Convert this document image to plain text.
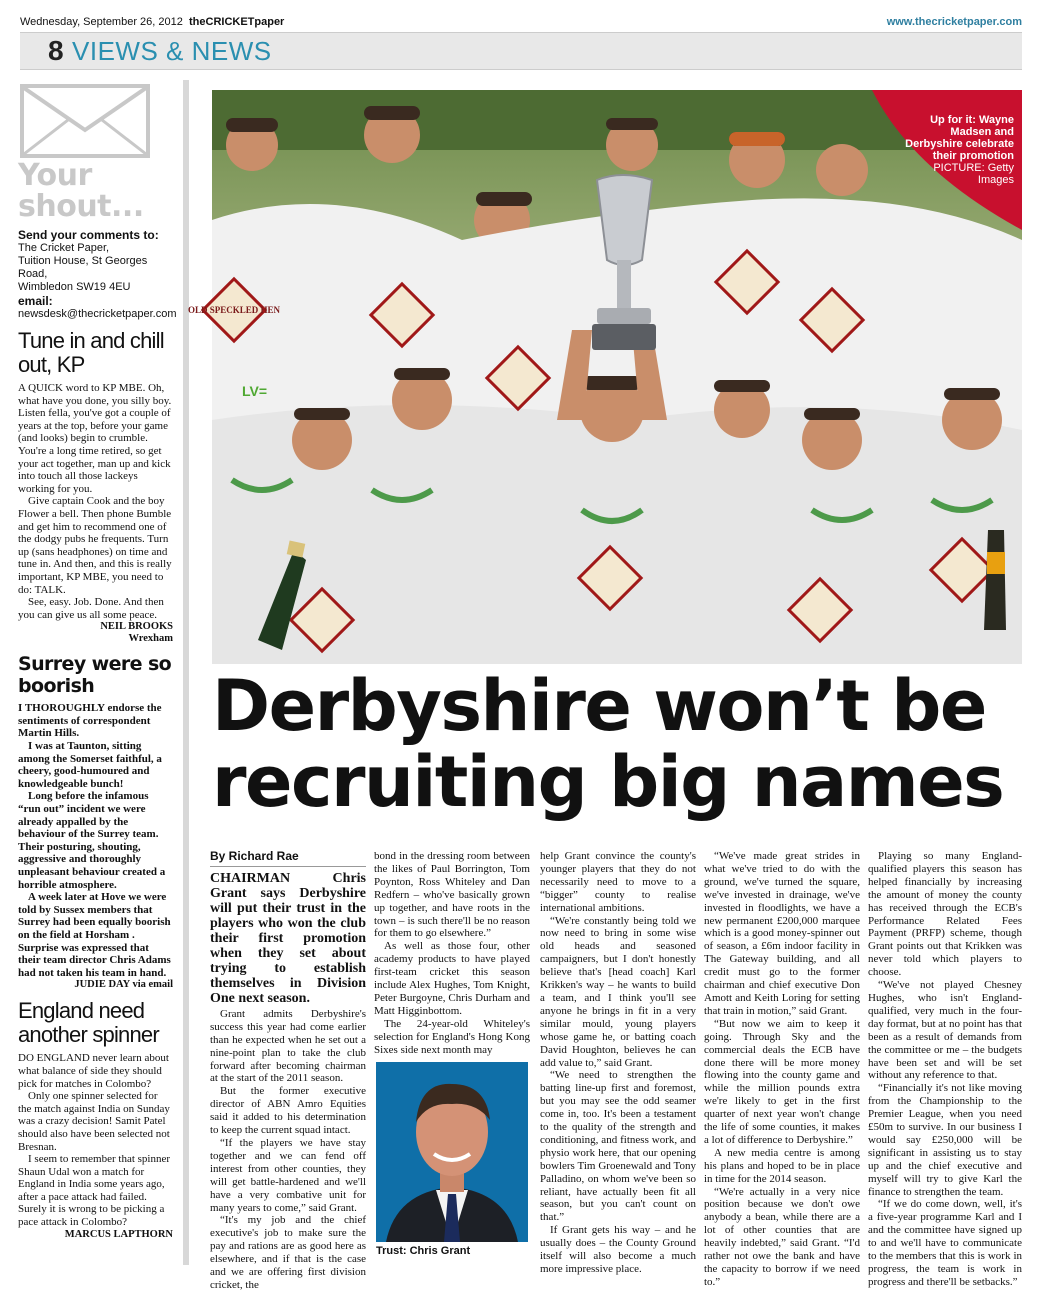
Wednesday, September 26, 2012 theCRICKETpaper	www.thecricketpaper.com
8 VIEWS & NEWS
Your shout...
Send your comments to:
The Cricket Paper,
Tuition House, St Georges Road,
Wimbledon SW19 4EU
email:
newsdesk@thecricketpaper.com
Tune in and chill out, KP

A QUICK word to KP MBE. Oh, what have you done, you silly boy. Listen fella, you've got a couple of years at the top, before your game (and looks) begin to crumble. You're a long time retired, so get your act together, man up and kick into touch all those lackeys working for you.

Give captain Cook and the boy Flower a bell. Then phone Bumble and get him to recommend one of the dodgy pubs he frequents. Turn up (sans headphones) on time and tune in. And then, and this is really important, KP MBE, you need to do: TALK.

See, easy. Job. Done. And then you can give us all some peace.

NEIL BROOKS
Wrexham
Surrey were so boorish

I THOROUGHLY endorse the sentiments of correspondent Martin Hills.

I was at Taunton, sitting among the Somerset faithful, a cheery, good-humoured and knowledgeable bunch!

Long before the infamous “run out” incident we were already appalled by the behaviour of the Surrey team. Their posturing, shouting, aggressive and thoroughly unpleasant behaviour created a horrible atmosphere.

A week later at Hove we were told by Sussex members that Surrey had been equally boorish on the field at Horsham . Surprise was expressed that their team director Chris Adams had not taken his team in hand.

JUDIE DAY via email
England need another spinner

DO ENGLAND never learn about what balance of side they should pick for matches in Colombo?

Only one spinner selected for the match against India on Sunday was a crazy decision! Samit Patel should also have been selected not Bresnan.

I seem to remember that spinner Shaun Udal won a match for England in India some years ago, after a pace attack had failed. Surely it is wrong to be picking a pace attack in Colombo?

MARCUS LAPTHORN
OLD SPECKLED HEN
LV=
Up for it: Wayne Madsen and Derbyshire celebrate their promotion
PICTURE: Getty Images
Derbyshire won’t be
recruiting big names
By Richard Rae
CHAIRMAN Chris Grant says Derbyshire will put their trust in the players who won the club their first promotion when they set about trying to establish themselves in Division One next season.

Grant admits Derbyshire's success this year had come earlier than he expected when he set out a nine-point plan to take the club forward after becoming chairman at the start of the 2011 season.

But the former executive director of ABN Amro Equities said it added to his determination to keep the current squad intact.

“If the players we have stay together and we can fend off interest from other counties, they will get battle-hardened and we'll have a very combative unit for many years to come,” said Grant.

“It's my job and the chief executive's job to make sure the pay and rations are as good here as elsewhere, and if that is the case and we are offering first division cricket, the

bond in the dressing room between the likes of Paul Borrington, Tom Poynton, Ross Whiteley and Dan Redfern – who've basically grown up together, and have roots in the town – is such there'll be no reason for them to go elsewhere.”

As well as those four, other academy products to have played first-team cricket this season include Alex Hughes, Tom Knight, Peter Burgoyne, Chris Durham and Matt Higginbottom.

The 24-year-old Whiteley's selection for England's Hong Kong Sixes side next month may

Trust: Chris Grant

help Grant convince the county's younger players that they do not necessarily need to move to a “bigger” county to realise international ambitions.

“We're constantly being told we now need to bring in some wise old heads and seasoned campaigners, but I don't honestly believe that's [head coach] Karl Krikken's way – he wants to build a team, and I think you'll see anyone he brings in fit in a very similar mould, young players whose game he, or batting coach David Houghton, believes he can add value to,” said Grant.

“We need to strengthen the batting line-up first and foremost, but you may see the odd seamer come in, too. It's been a testament to the quality of the strength and conditioning, and fitness work, and physio work here, that our opening bowlers Tim Groenewald and Tony Palladino, on whom we've been so reliant, have actually been fit all season, but you can't count on that.”

If Grant gets his way – and he usually does – the County Ground itself will also become a much more impressive place.

“We've made great strides in what we've tried to do with the ground, we've turned the square, we've invested in drainage, we've invested in floodlights, we have a new permanent £200,000 marquee which is a good money-spinner out of season, a £6m indoor facility in The Gateway building, and all credit must go to the former chairman and chief executive Don Amott and Keith Loring for setting that train in motion,” said Grant.

“But now we aim to keep it going. Through Sky and the commercial deals the ECB have done there will be more money flowing into the county game and while the million pounds extra we're likely to get in the first quarter of next year won't change the life of some counties, it makes a lot of difference to Derbyshire.”

A new media centre is among his plans and hoped to be in place in time for the 2014 season.

“We're actually in a very nice position because we don't owe anybody a bean, while there are a lot of other counties that are heavily indebted,” said Grant. “I'd rather not owe the bank and have the capacity to borrow if we need to.”

Playing so many England-qualified players this season has helped financially by increasing the amount of money the county has received through the ECB's Performance Related Fees Payment (PRFP) scheme, though Grant points out that Krikken was never told which players to choose.

“We've not played Chesney Hughes, who isn't England-qualified, very much in the four-day format, but at no point has that been as a result of demands from the committee or me – the budgets have been set and will be set without any reference to that.

“Financially it's not like moving from the Championship to the Premier League, when you need £50m to survive. In our business I would say £250,000 will be significant in assisting us to stay up and the chief executive and myself will try to give Karl the finance to strengthen the team.

“If we do come down, well, it's a five-year programme Karl and I and the committee have signed up to and we'll have to communicate to the members that this is work in progress, the team is work in progress and there'll be setbacks.”
